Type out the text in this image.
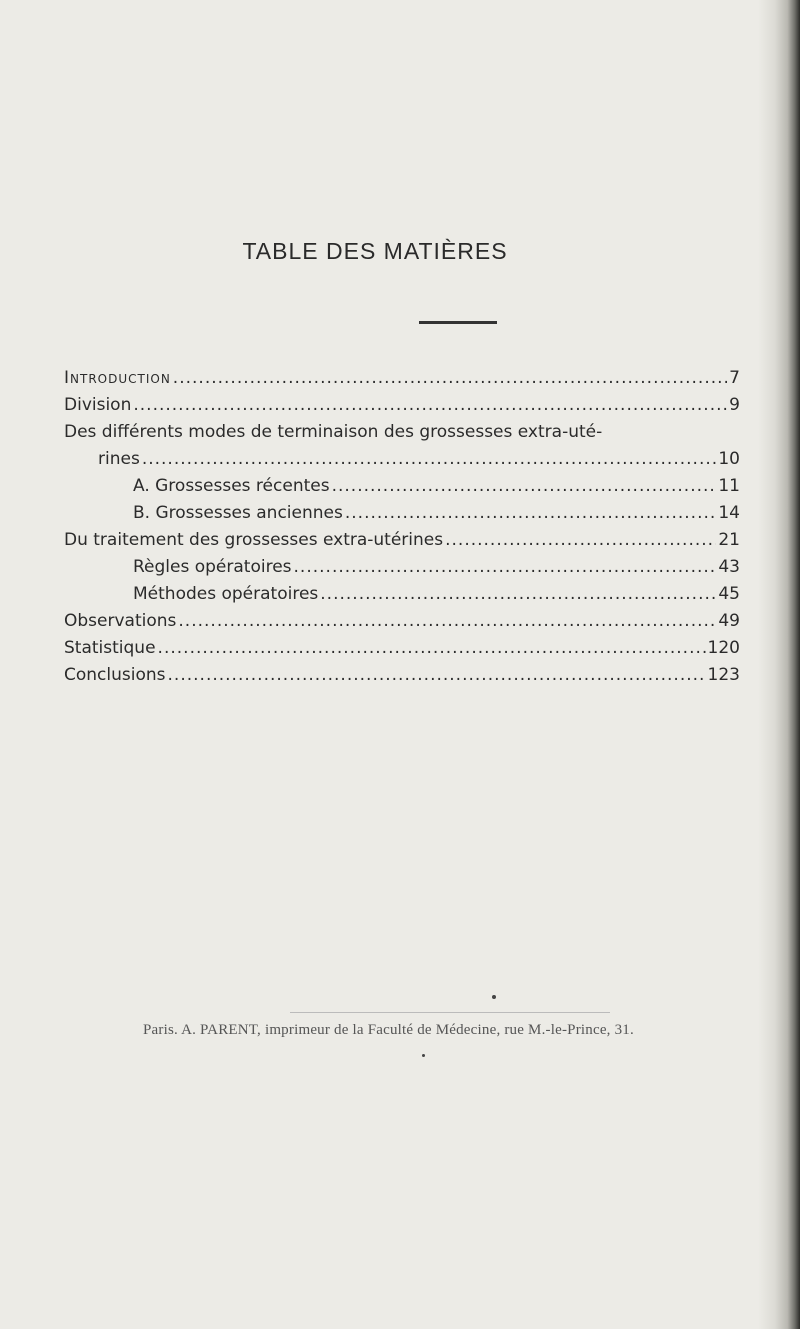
TABLE DES MATIÈRES
Introduction .....	7
Division .....	9
Des différents modes de terminaison des grossesses extra-uté-
rines .....	10
A. Grossesses récentes .....	11
B. Grossesses anciennes .....	14
Du traitement des grossesses extra-utérines .....	21
Règles opératoires .....	43
Méthodes opératoires .....	45
Observations .....	49
Statistique .....	120
Conclusions .....	123
Paris. A. PARENT, imprimeur de la Faculté de Médecine, rue M.-le-Prince, 31.
